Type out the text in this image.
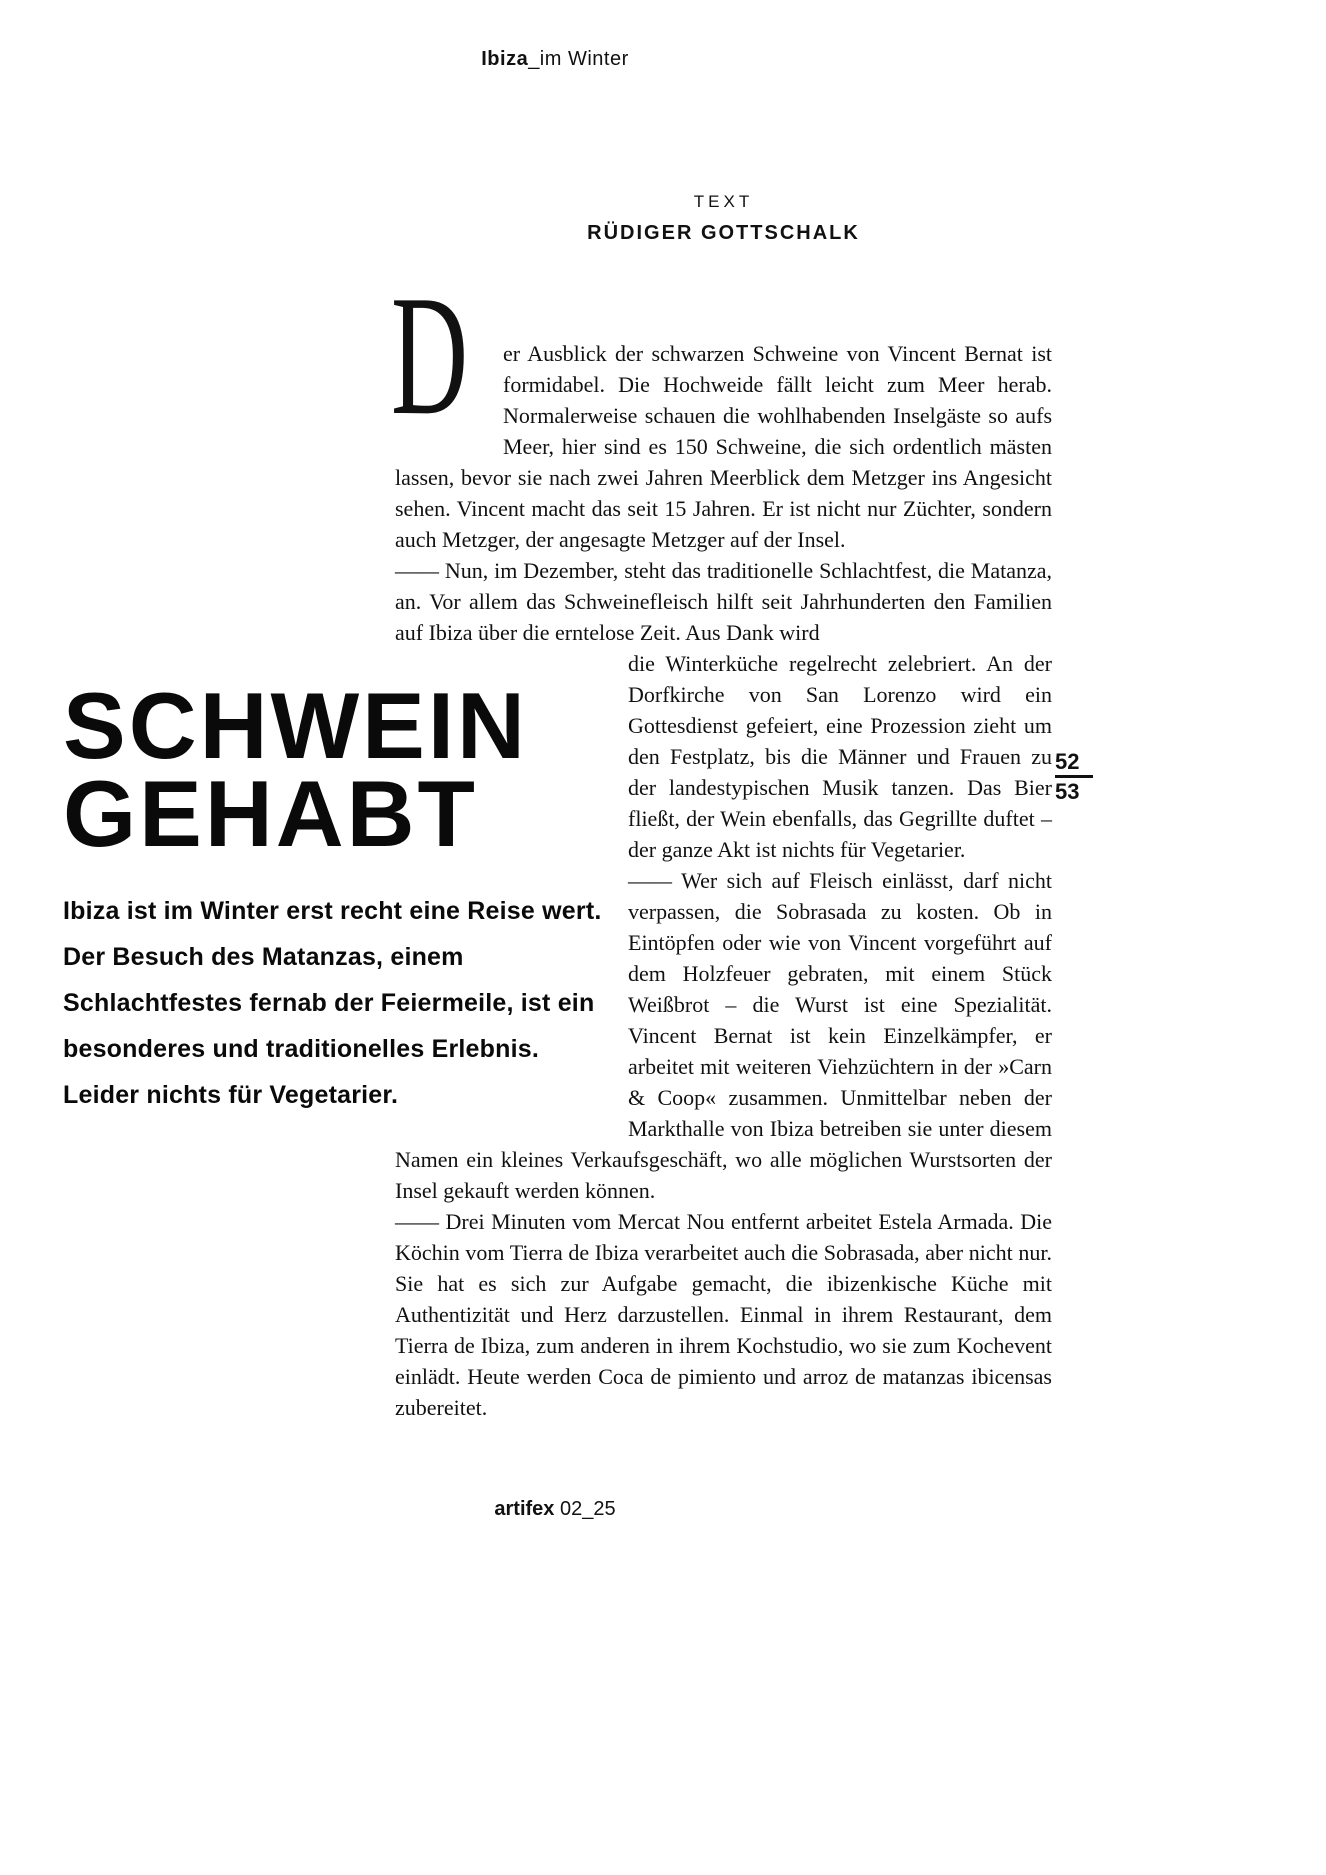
Ibiza_im Winter
TEXT
RÜDIGER GOTTSCHALK

D er Ausblick der schwarzen Schweine von Vincent Bernat ist formidabel. Die Hochweide fällt leicht zum Meer herab. Normalerweise schauen die wohlhabenden Inselgäste so aufs Meer, hier sind es 150 Schweine, die sich ordentlich mästen lassen, bevor sie nach zwei Jahren Meerblick dem Metzger ins Angesicht sehen. Vincent macht das seit 15 Jahren. Er ist nicht nur Züchter, sondern auch Metzger, der angesagte Metzger auf der Insel.

—— Nun, im Dezember, steht das traditionelle Schlachtfest, die Matanza, an. Vor allem das Schweinefleisch hilft seit Jahrhunderten den Familien auf Ibiza über die erntelose Zeit. Aus Dank wird

SCHWEIN
GEHABT
Ibiza ist im Winter erst recht eine Reise wert. Der Besuch des Matanzas, einem Schlachtfestes fernab der Feiermeile, ist ein besonderes und traditionelles Erlebnis. Leider nichts für Vegetarier.
die Winterküche regelrecht zelebriert. An der Dorfkirche von San Lorenzo wird ein Gottesdienst gefeiert, eine Prozession zieht um den Festplatz, bis die Männer und Frauen zu der landestypischen Musik tanzen. Das Bier fließt, der Wein ebenfalls, das Gegrillte duftet – der ganze Akt ist nichts für Vegetarier.

—— Wer sich auf Fleisch einlässt, darf nicht verpassen, die Sobrasada zu kosten. Ob in Eintöpfen oder wie von Vincent vorgeführt auf dem Holzfeuer gebraten, mit einem Stück Weißbrot – die Wurst ist eine Spezialität. Vincent Bernat ist kein Einzelkämpfer, er arbeitet mit weiteren Viehzüchtern in der »Carn & Coop« zusammen. Unmittelbar neben der Markthalle von Ibiza betreiben sie unter diesem Namen ein kleines Verkaufsgeschäft, wo alle möglichen Wurstsorten der Insel gekauft werden können.

—— Drei Minuten vom Mercat Nou entfernt arbeitet Estela Armada. Die Köchin vom Tierra de Ibiza verarbeitet auch die Sobrasada, aber nicht nur. Sie hat es sich zur Aufgabe gemacht, die ibizenkische Küche mit Authentizität und Herz darzustellen. Einmal in ihrem Restaurant, dem Tierra de Ibiza, zum anderen in ihrem Kochstudio, wo sie zum Kochevent einlädt. Heute werden Coca de pimiento und arroz de matanzas ibicensas zubereitet.

52
53
artifex 02_25
